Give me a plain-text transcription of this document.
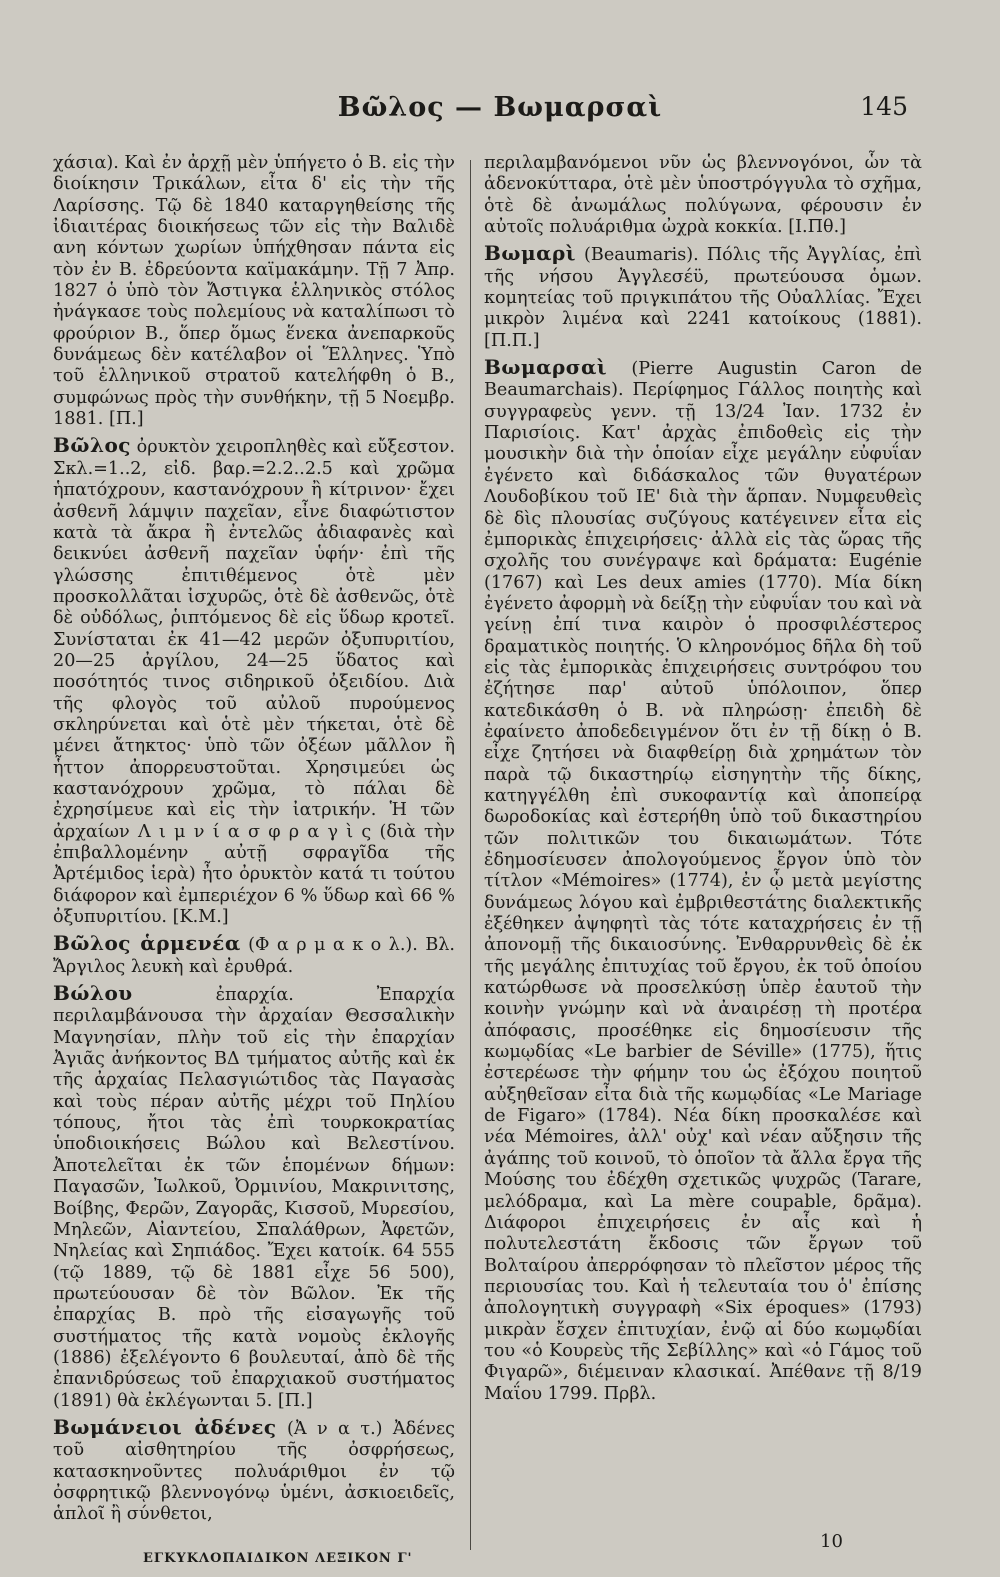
Βῶλος — Βωμαρσαὶ	145

χάσια). Καὶ ἐν ἀρχῇ μὲν ὑπήγετο ὁ Β. εἰς τὴν διοίκησιν Τρικάλων, εἶτα δ' εἰς τὴν τῆς Λαρίσσης. Τῷ δὲ 1840 καταργηθείσης τῆς ἰδιαιτέρας διοικήσεως τῶν εἰς τὴν Βαλιδὲ ανη κόντων χωρίων ὑπήχθησαν πάντα εἰς τὸν ἐν Β. ἐδρεύοντα καϊμακάμην. Τῇ 7 Ἀπρ. 1827 ὁ ὑπὸ τὸν Ἄστιγκα ἑλληνικὸς στόλος ἠνάγκασε τοὺς πολεμίους νὰ καταλίπωσι τὸ φρούριον Β., ὅπερ ὅμως ἕνεκα ἀνεπαρκοῦς δυνάμεως δὲν κατέλαβον οἱ Ἕλληνες. Ὑπὸ τοῦ ἑλληνικοῦ στρατοῦ κατελήφθη ὁ Β., συμφώνως πρὸς τὴν συνθήκην, τῇ 5 Νοεμβρ. 1881. [Π.]

Βῶλος ὀρυκτὸν χειροπληθὲς καὶ εὔξεστον. Σκλ.=1..2, εἰδ. βαρ.=2.2..2.5 καὶ χρῶμα ἡπατόχρουν, καστανόχρουν ἢ κίτρινον· ἔχει ἀσθενῆ λάμψιν παχεῖαν, εἶνε διαφώτιστον κατὰ τὰ ἄκρα ἢ ἐντελῶς ἀδιαφανὲς καὶ δεικνύει ἀσθενῆ παχεῖαν ὑφήν· ἐπὶ τῆς γλώσσης ἐπιτιθέμενος ὁτὲ μὲν προσκολλᾶται ἰσχυρῶς, ὁτὲ δὲ ἀσθενῶς, ὁτὲ δὲ οὐδόλως, ῥιπτόμενος δὲ εἰς ὕδωρ κροτεῖ. Συνίσταται ἐκ 41—42 μερῶν ὀξυπυριτίου, 20—25 ἀργίλου, 24—25 ὕδατος καὶ ποσότητός τινος σιδηρικοῦ ὀξειδίου. Διὰ τῆς φλογὸς τοῦ αὐλοῦ πυρούμενος σκληρύνεται καὶ ὁτὲ μὲν τήκεται, ὁτὲ δὲ μένει ἄτηκτος· ὑπὸ τῶν ὀξέων μᾶλλον ἢ ἧττον ἀπορρευστοῦται. Χρησιμεύει ὡς καστανόχρουν χρῶμα, τὸ πάλαι δὲ ἐχρησίμευε καὶ εἰς τὴν ἰατρικήν. Ἡ τῶν ἀρχαίων Λ ι μ ν ί α σ φ ρ α γ ὶ ς (διὰ τὴν ἐπιβαλλομένην αὐτῇ σφραγῖδα τῆς Ἀρτέμιδος ἱερὰ) ἦτο ὀρυκτὸν κατά τι τούτου διάφορον καὶ ἐμπεριέχον 6 % ὕδωρ καὶ 66 % ὀξυπυριτίου. [Κ.Μ.]

Βῶλος ἁρμενέα (Φ α ρ μ α κ ο λ.). Βλ. Ἄργιλος λευκὴ καὶ ἐρυθρά.

Βώλου ἐπαρχία. Ἐπαρχία περιλαμβάνουσα τὴν ἀρχαίαν Θεσσαλικὴν Μαγνησίαν, πλὴν τοῦ εἰς τὴν ἐπαρχίαν Ἀγιᾶς ἀνήκοντος ΒΔ τμήματος αὐτῆς καὶ ἐκ τῆς ἀρχαίας Πελασγιώτιδος τὰς Παγασὰς καὶ τοὺς πέραν αὐτῆς μέχρι τοῦ Πηλίου τόπους, ἤτοι τὰς ἐπὶ τουρκοκρατίας ὑποδιοικήσεις Βώλου καὶ Βελεστίνου. Ἀποτελεῖται ἐκ τῶν ἑπομένων δήμων: Παγασῶν, Ἰωλκοῦ, Ὀρμινίου, Μακρινιτσης, Βοίβης, Φερῶν, Ζαγορᾶς, Κισσοῦ, Μυρεσίου, Μηλεῶν, Αἰαντείου, Σπαλάθρων, Ἀφετῶν, Νηλείας καὶ Σηπιάδος. Ἔχει κατοίκ. 64 555 (τῷ 1889, τῷ δὲ 1881 εἶχε 56 500), πρωτεύουσαν δὲ τὸν Βῶλον. Ἐκ τῆς ἐπαρχίας Β. πρὸ τῆς εἰσαγωγῆς τοῦ συστήματος τῆς κατὰ νομοὺς ἐκλογῆς (1886) ἐξελέγοντο 6 βουλευταί, ἀπὸ δὲ τῆς ἐπανιδρύσεως τοῦ ἐπαρχιακοῦ συστήματος (1891) θὰ ἐκλέγωνται 5. [Π.]

Βωμάνειοι ἀδένες (Ἀ ν α τ.) Ἀδένες τοῦ αἰσθητηρίου τῆς ὀσφρήσεως, κατασκηνοῦντες πολυάριθμοι ἐν τῷ ὀσφρητικῷ βλεννογόνῳ ὑμένι, ἀσκιοειδεῖς, ἁπλοῖ ἢ σύνθετοι,

περιλαμβανόμενοι νῦν ὡς βλεννογόνοι, ὧν τὰ ἀδενοκύτταρα, ὁτὲ μὲν ὑποστρόγγυλα τὸ σχῆμα, ὁτὲ δὲ ἀνωμάλως πολύγωνα, φέρουσιν ἐν αὐτοῖς πολυάριθμα ὠχρὰ κοκκία. [Ι.Πθ.]

Βωμαρὶ (Beaumaris). Πόλις τῆς Ἀγγλίας, ἐπὶ τῆς νήσου Ἀγγλεσέϋ, πρωτεύουσα ὁμων. κομητείας τοῦ πριγκιπάτου τῆς Οὐαλλίας. Ἔχει μικρὸν λιμένα καὶ 2241 κατοίκους (1881). [Π.Π.]

Βωμαρσαὶ (Pierre Augustin Caron de Beaumarchais). Περίφημος Γάλλος ποιητὴς καὶ συγγραφεὺς γενν. τῇ 13/24 Ἰαν. 1732 ἐν Παρισίοις. Κατ' ἀρχὰς ἐπιδοθεὶς εἰς τὴν μουσικὴν διὰ τὴν ὁποίαν εἶχε μεγάλην εὐφυΐαν ἐγένετο καὶ διδάσκαλος τῶν θυγατέρων Λουδοβίκου τοῦ ΙΕ' διὰ τὴν ἅρπαν. Νυμφευθεὶς δὲ δὶς πλουσίας συζύγους κατέγεινεν εἶτα εἰς ἐμπορικὰς ἐπιχειρήσεις· ἀλλὰ εἰς τὰς ὥρας τῆς σχολῆς του συνέγραψε καὶ δράματα: Eugénie (1767) καὶ Les deux amies (1770). Μία δίκη ἐγένετο ἀφορμὴ νὰ δείξῃ τὴν εὐφυΐαν του καὶ νὰ γείνῃ ἐπί τινα καιρὸν ὁ προσφιλέστερος δραματικὸς ποιητής. Ὁ κληρονόμος δῆλα δὴ τοῦ εἰς τὰς ἐμπορικὰς ἐπιχειρήσεις συντρόφου του ἐζήτησε παρ' αὐτοῦ ὑπόλοιπον, ὅπερ κατεδικάσθη ὁ Β. νὰ πληρώσῃ· ἐπειδὴ δὲ ἐφαίνετο ἀποδεδειγμένον ὅτι ἐν τῇ δίκῃ ὁ Β. εἶχε ζητήσει νὰ διαφθείρῃ διὰ χρημάτων τὸν παρὰ τῷ δικαστηρίῳ εἰσηγητὴν τῆς δίκης, κατηγγέλθη ἐπὶ συκοφαντίᾳ καὶ ἀποπείρᾳ δωροδοκίας καὶ ἐστερήθη ὑπὸ τοῦ δικαστηρίου τῶν πολιτικῶν του δικαιωμάτων. Τότε ἐδημοσίευσεν ἀπολογούμενος ἔργον ὑπὸ τὸν τίτλον «Mémoires» (1774), ἐν ᾧ μετὰ μεγίστης δυνάμεως λόγου καὶ ἐμβριθεστάτης διαλεκτικῆς ἐξέθηκεν ἀψηφητὶ τὰς τότε καταχρήσεις ἐν τῇ ἀπονομῇ τῆς δικαιοσύνης. Ἐνθαρρυνθεὶς δὲ ἐκ τῆς μεγάλης ἐπιτυχίας τοῦ ἔργου, ἐκ τοῦ ὁποίου κατώρθωσε νὰ προσελκύσῃ ὑπὲρ ἑαυτοῦ τὴν κοινὴν γνώμην καὶ νὰ ἀναιρέσῃ τὴ προτέρα ἀπόφασις, προσέθηκε εἰς δημοσίευσιν τῆς κωμῳδίας «Le barbier de Séville» (1775), ἥτις ἐστερέωσε τὴν φήμην του ὡς ἐξόχου ποιητοῦ αὐξηθεῖσαν εἶτα διὰ τῆς κωμῳδίας «Le Mariage de Figaro» (1784). Νέα δίκη προσκαλέσε καὶ νέα Mémoires, ἀλλ' οὐχ' καὶ νέαν αὔξησιν τῆς ἀγάπης τοῦ κοινοῦ, τὸ ὁποῖον τὰ ἄλλα ἔργα τῆς Μούσης του ἐδέχθη σχετικῶς ψυχρῶς (Tarare, μελόδραμα, καὶ La mère coupable, δρᾶμα). Διάφοροι ἐπιχειρήσεις ἐν αἷς καὶ ἡ πολυτελεστάτη ἔκδοσις τῶν ἔργων τοῦ Βολταίρου ἀπερρόφησαν τὸ πλεῖστον μέρος τῆς περιουσίας του. Καὶ ἡ τελευταία του ὁ' ἐπίσης ἀπολογητικὴ συγγραφὴ «Six époques» (1793) μικρὰν ἔσχεν ἐπιτυχίαν, ἐνῷ αἱ δύο κωμῳδίαι του «ὁ Κουρεὺς τῆς Σεβίλλης» καὶ «ὁ Γάμος τοῦ Φιγαρῶ», διέμειναν κλασικαί. Ἀπέθανε τῇ 8/19 Μαΐου 1799. Πρβλ.

ΕΓΚΥΚΛΟΠΑΙΔΙΚΟΝ ΛΕΞΙΚΟΝ Γ'
10
